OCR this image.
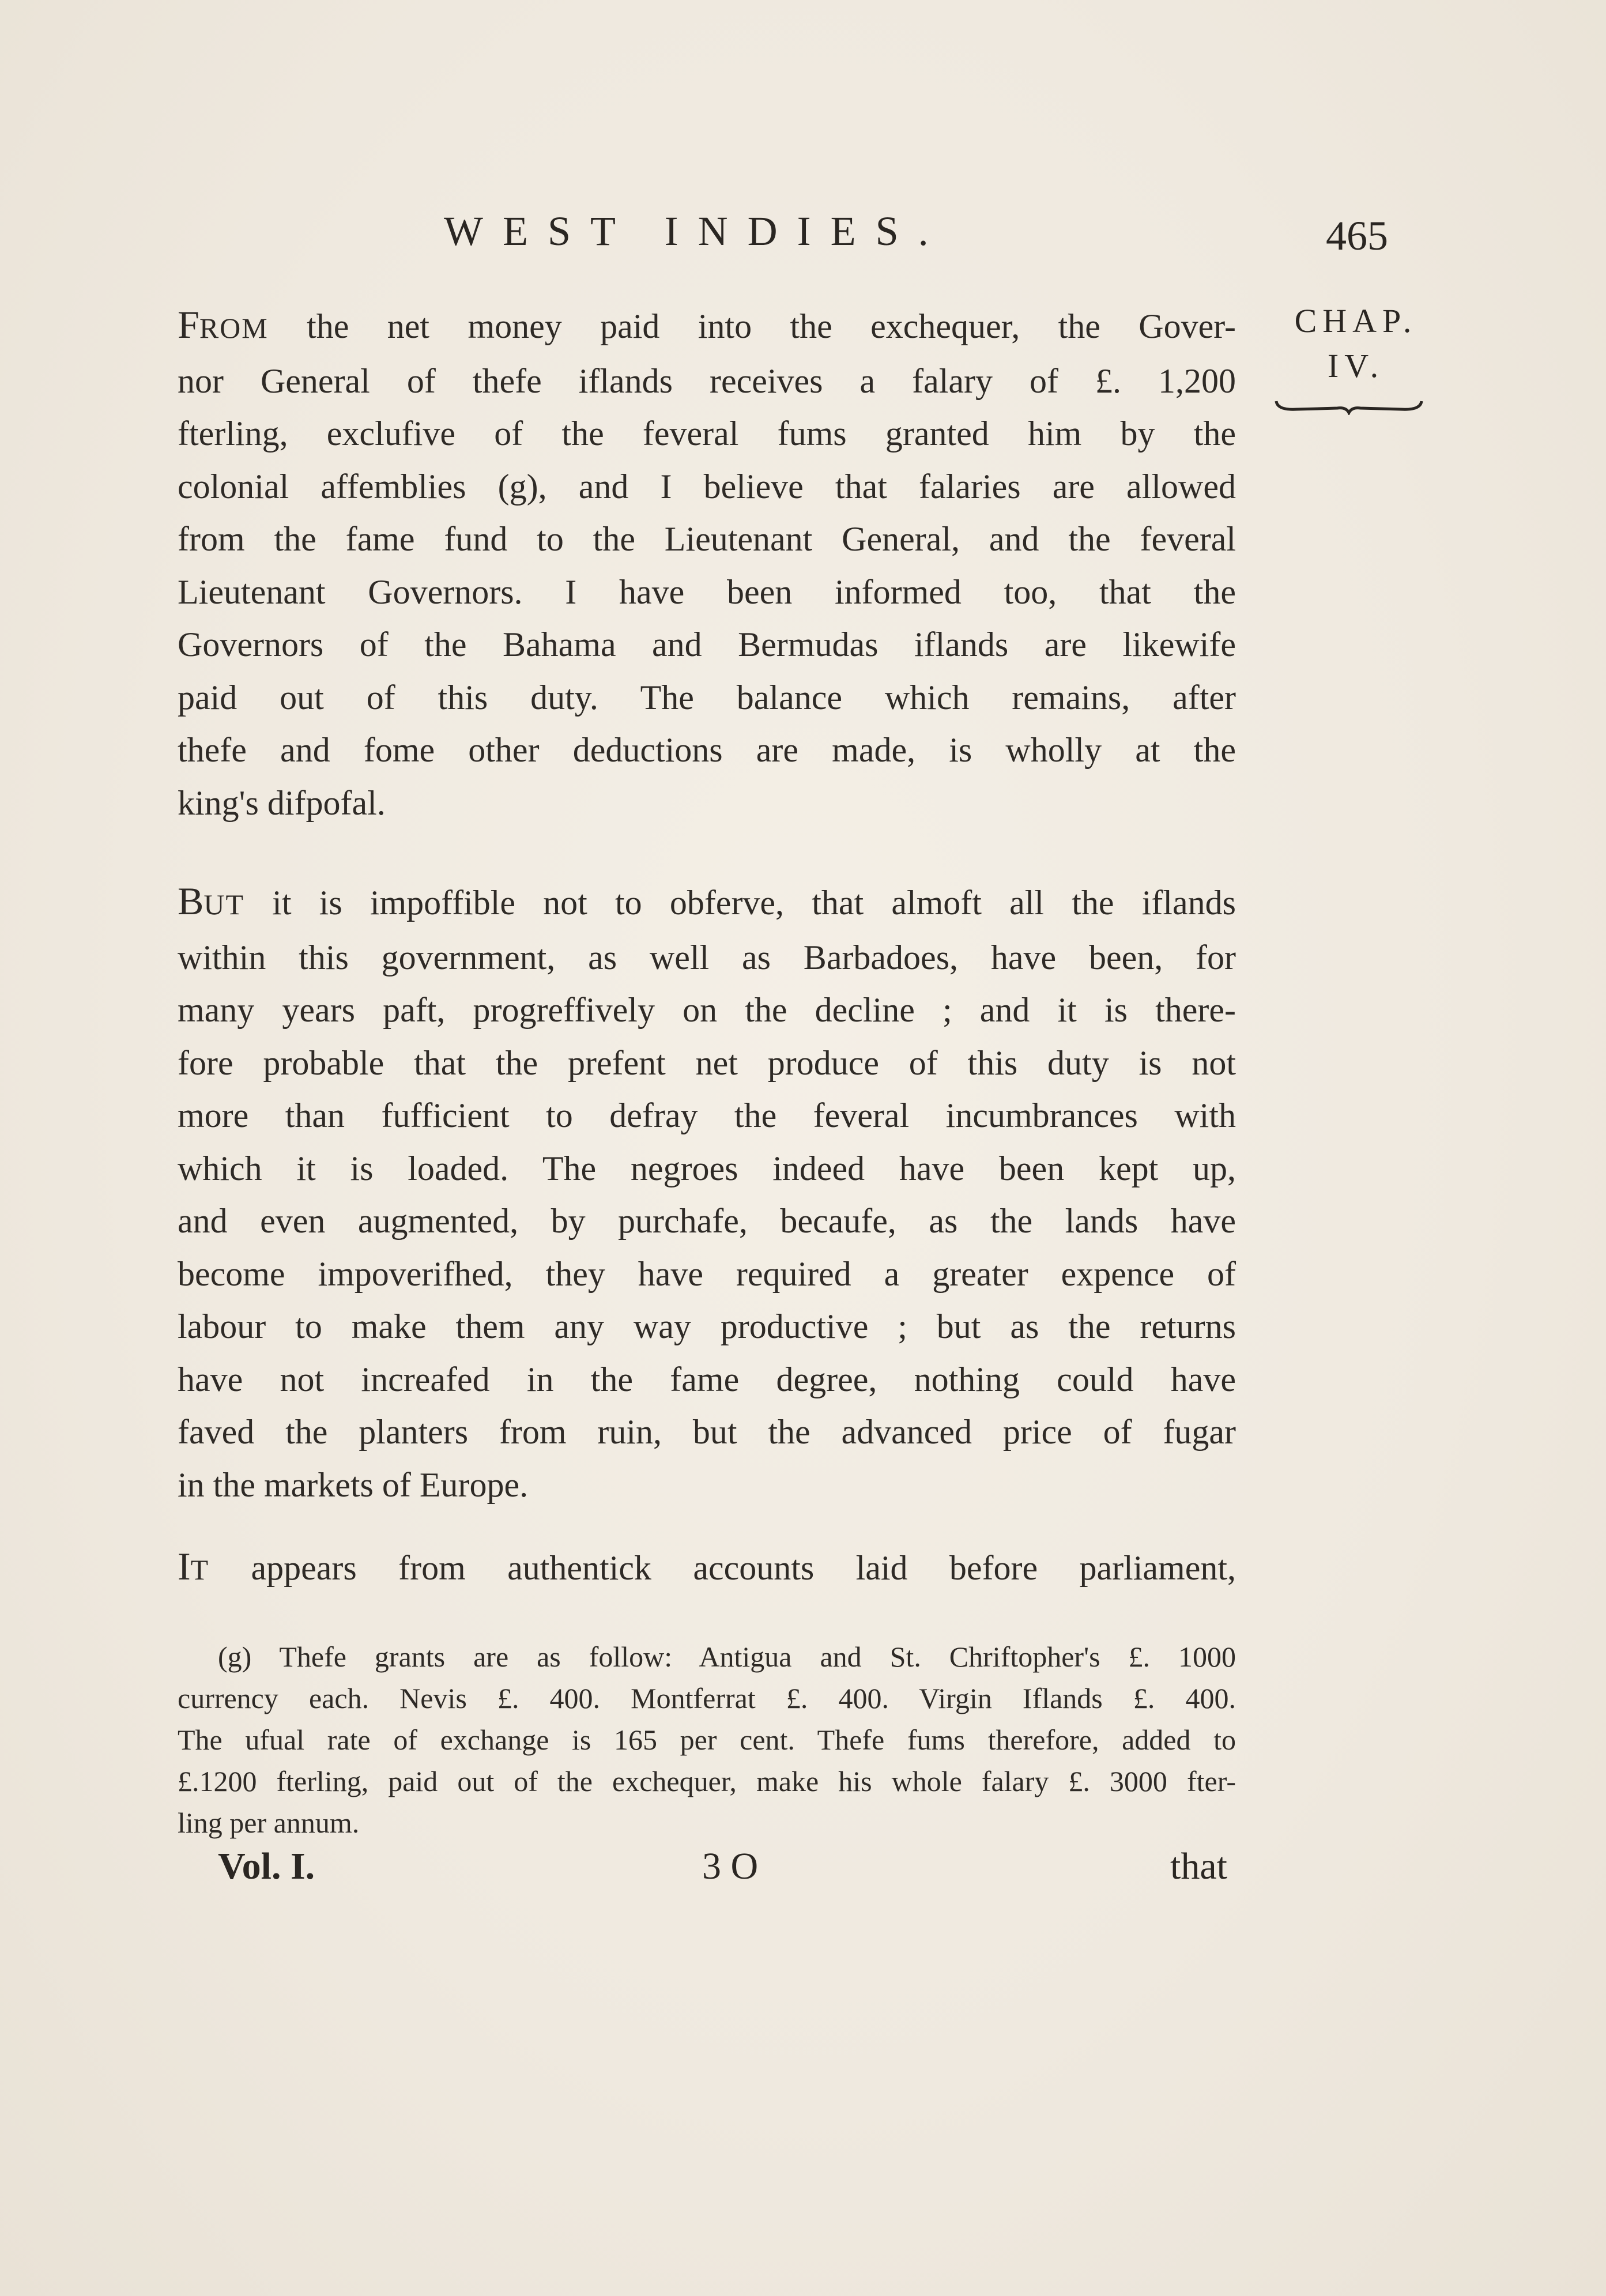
WEST INDIES.	465
CHAP.
IV.
FROM the net money paid into the exchequer, the Gover-
nor General of thefe iflands receives a falary of £. 1,200
fterling, exclufive of the feveral fums granted him by the
colonial affemblies (g), and I believe that falaries are allowed
from the fame fund to the Lieutenant General, and the feveral
Lieutenant Governors. I have been informed too, that the
Governors of the Bahama and Bermudas iflands are likewife
paid out of this duty. The balance which remains, after
thefe and fome other deductions are made, is wholly at the
king's difpofal.
BUT it is impoffible not to obferve, that almoft all the iflands
within this government, as well as Barbadoes, have been, for
many years paft, progreffively on the decline ; and it is there-
fore probable that the prefent net produce of this duty is not
more than fufficient to defray the feveral incumbrances with
which it is loaded. The negroes indeed have been kept up,
and even augmented, by purchafe, becaufe, as the lands have
become impoverifhed, they have required a greater expence of
labour to make them any way productive ; but as the returns
have not increafed in the fame degree, nothing could have
faved the planters from ruin, but the advanced price of fugar
in the markets of Europe.
IT appears from authentick accounts laid before parliament,
(g) Thefe grants are as follow: Antigua and St. Chriftopher's £. 1000
currency each. Nevis £. 400. Montferrat £. 400. Virgin Iflands £. 400.
The ufual rate of exchange is 165 per cent. Thefe fums therefore, added to
£.1200 fterling, paid out of the exchequer, make his whole falary £. 3000 fter-
ling per annum.
Vol. I.	3 O	that
